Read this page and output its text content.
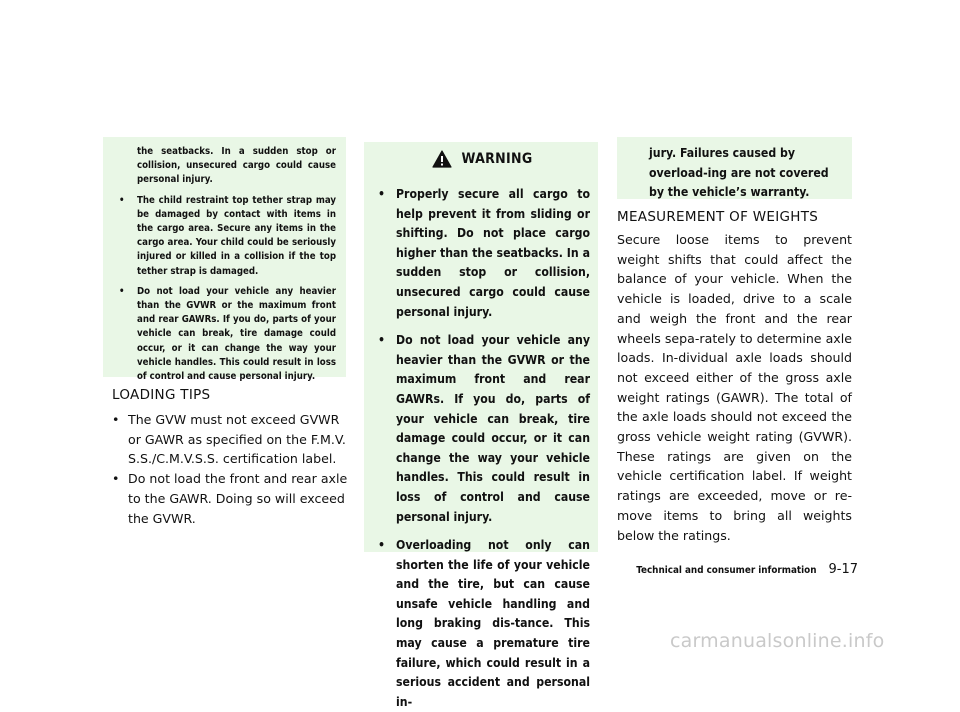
the seatbacks. In a sudden stop or collision, unsecured cargo could cause personal injury.

• The child restraint top tether strap may be damaged by contact with items in the cargo area. Secure any items in the cargo area. Your child could be seriously injured or killed in a collision if the top tether strap is damaged.

• Do not load your vehicle any heavier than the GVWR or the maximum front and rear GAWRs. If you do, parts of your vehicle can break, tire damage could occur, or it can change the way your vehicle handles. This could result in loss of control and cause personal injury.

LOADING TIPS

• The GVW must not exceed GVWR or GAWR as specified on the F.M.V. S.S./C.M.V.S.S. certification label.

• Do not load the front and rear axle to the GAWR. Doing so will exceed the GVWR.

WARNING

• Properly secure all cargo to help prevent it from sliding or shifting. Do not place cargo higher than the seatbacks. In a sudden stop or collision, unsecured cargo could cause personal injury.

• Do not load your vehicle any heavier than the GVWR or the maximum front and rear GAWRs. If you do, parts of your vehicle can break, tire damage could occur, or it can change the way your vehicle handles. This could result in loss of control and cause personal injury.

• Overloading not only can shorten the life of your vehicle and the tire, but can cause unsafe vehicle handling and long braking dis-tance. This may cause a premature tire failure, which could result in a serious accident and personal in-

jury. Failures caused by overload-ing are not covered by the vehicle’s warranty.

MEASUREMENT OF WEIGHTS

Secure loose items to prevent weight shifts that could affect the balance of your vehicle. When the vehicle is loaded, drive to a scale and weigh the front and the rear wheels sepa-rately to determine axle loads. In-dividual axle loads should not exceed either of the gross axle weight ratings (GAWR). The total of the axle loads should not exceed the gross vehicle weight rating (GVWR). These ratings are given on the vehicle certification label. If weight ratings are exceeded, move or re-move items to bring all weights below the ratings.

Technical and consumer information 9-17
carmanualsonline.info
